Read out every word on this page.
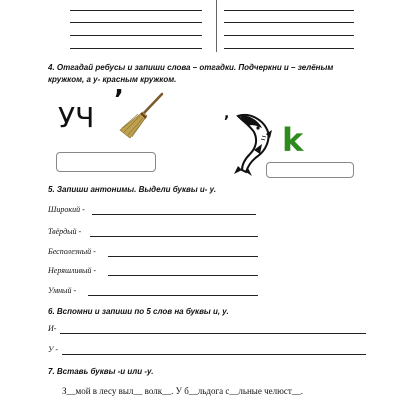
4. Отгадай ребусы и запиши слова – отгадки. Подчеркни и – зелёным кружком, а у- красным кружком.
УЧ
’	,
k
5. Запиши антонимы. Выдели буквы и- у.
Широкий -
Твёрдый -
Бесполезный -
Неряшливый -
Умный -
6. Вспомни и запиши по 5 слов на буквы и, у.
И-
У -
7. Вставь буквы -и или -у.
З__мой в лесу выл__ волк__. У б__льдога с__льные челюст__.
